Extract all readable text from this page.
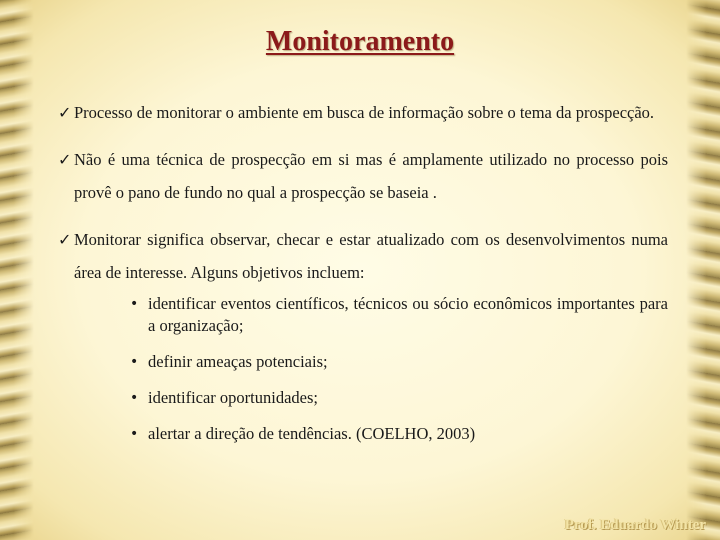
Monitoramento
✓ Processo de monitorar o ambiente em busca de informação sobre o tema da prospecção.
✓ Não é uma técnica de prospecção em si mas é amplamente utilizado no processo pois provê o pano de fundo no qual a prospecção se baseia .
✓ Monitorar significa observar, checar e estar atualizado com os desenvolvimentos numa área de interesse. Alguns objetivos incluem:
• identificar eventos científicos, técnicos ou sócio econômicos importantes para a organização;
• definir ameaças potenciais;
• identificar oportunidades;
• alertar a direção de tendências. (COELHO, 2003)
Prof. Eduardo Winter
